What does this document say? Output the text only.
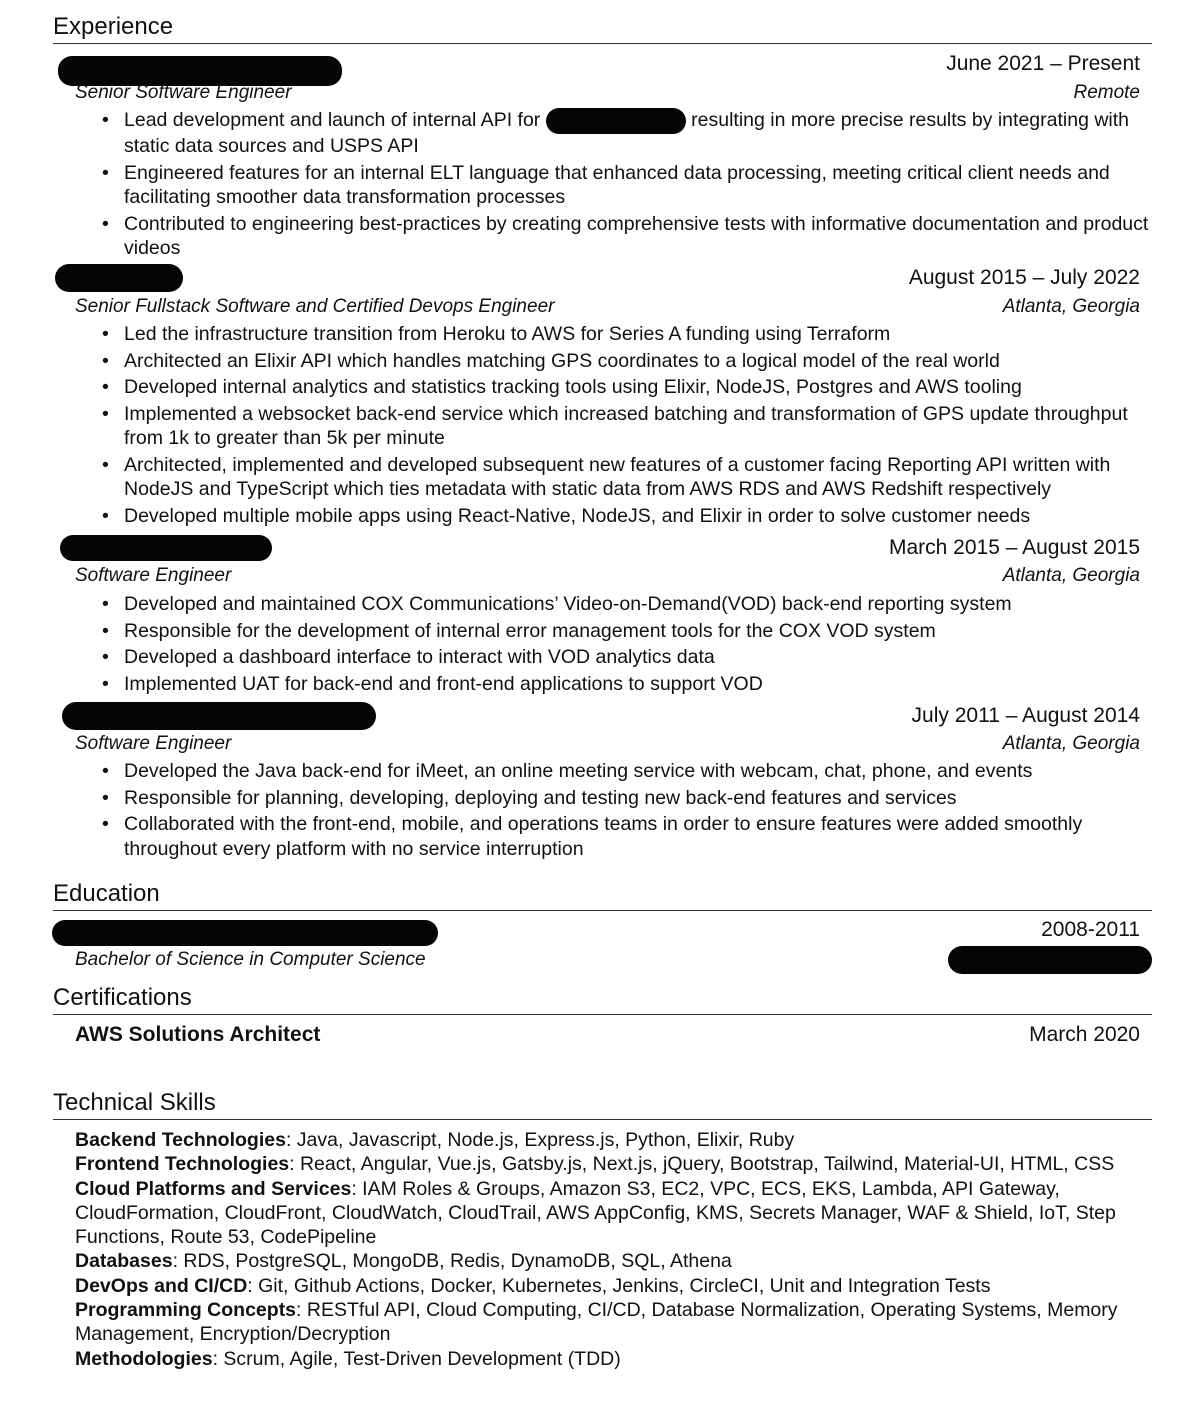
Experience
June 2021 – Present
Senior Software Engineer	Remote
• Lead development and launch of internal API for	resulting in more precise results by integrating with static data sources and USPS API
• Engineered features for an internal ELT language that enhanced data processing, meeting critical client needs and facilitating smoother data transformation processes
• Contributed to engineering best-practices by creating comprehensive tests with informative documentation and product videos
August 2015 – July 2022
Senior Fullstack Software and Certified Devops Engineer	Atlanta, Georgia
• Led the infrastructure transition from Heroku to AWS for Series A funding using Terraform
• Architected an Elixir API which handles matching GPS coordinates to a logical model of the real world
• Developed internal analytics and statistics tracking tools using Elixir, NodeJS, Postgres and AWS tooling
• Implemented a websocket back-end service which increased batching and transformation of GPS update throughput from 1k to greater than 5k per minute
• Architected, implemented and developed subsequent new features of a customer facing Reporting API written with NodeJS and TypeScript which ties metadata with static data from AWS RDS and AWS Redshift respectively
• Developed multiple mobile apps using React-Native, NodeJS, and Elixir in order to solve customer needs
March 2015 – August 2015
Software Engineer	Atlanta, Georgia
• Developed and maintained COX Communications’ Video-on-Demand(VOD) back-end reporting system
• Responsible for the development of internal error management tools for the COX VOD system
• Developed a dashboard interface to interact with VOD analytics data
• Implemented UAT for back-end and front-end applications to support VOD
July 2011 – August 2014
Software Engineer	Atlanta, Georgia
• Developed the Java back-end for iMeet, an online meeting service with webcam, chat, phone, and events
• Responsible for planning, developing, deploying and testing new back-end features and services
• Collaborated with the front-end, mobile, and operations teams in order to ensure features were added smoothly throughout every platform with no service interruption
Education
2008-2011
Bachelor of Science in Computer Science
Certifications
AWS Solutions Architect	March 2020
Technical Skills

Backend Technologies: Java, Javascript, Node.js, Express.js, Python, Elixir, Ruby

Frontend Technologies: React, Angular, Vue.js, Gatsby.js, Next.js, jQuery, Bootstrap, Tailwind, Material-UI, HTML, CSS

Cloud Platforms and Services: IAM Roles & Groups, Amazon S3, EC2, VPC, ECS, EKS, Lambda, API Gateway, CloudFormation, CloudFront, CloudWatch, CloudTrail, AWS AppConfig, KMS, Secrets Manager, WAF & Shield, IoT, Step Functions, Route 53, CodePipeline

Databases: RDS, PostgreSQL, MongoDB, Redis, DynamoDB, SQL, Athena

DevOps and CI/CD: Git, Github Actions, Docker, Kubernetes, Jenkins, CircleCI, Unit and Integration Tests

Programming Concepts: RESTful API, Cloud Computing, CI/CD, Database Normalization, Operating Systems, Memory Management, Encryption/Decryption

Methodologies: Scrum, Agile, Test-Driven Development (TDD)
